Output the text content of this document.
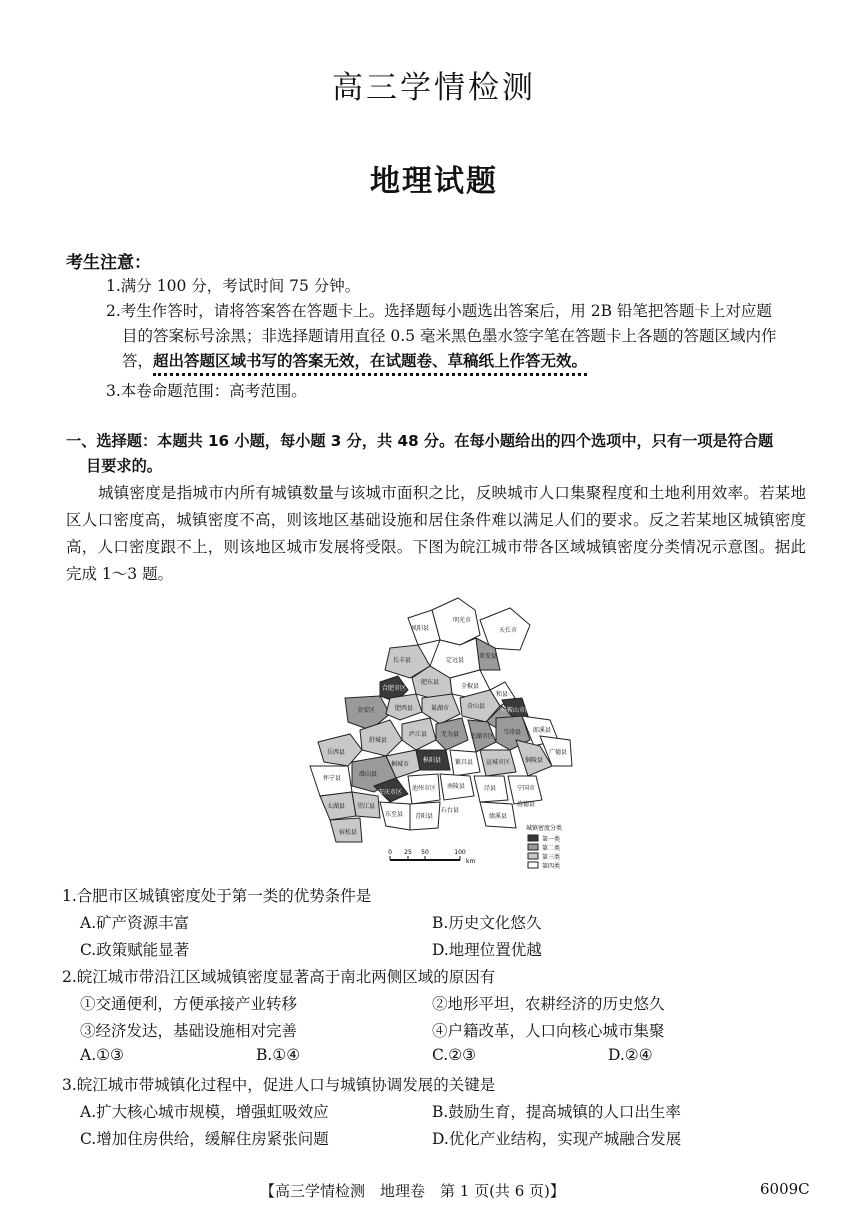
高三学情检测
地理试题
考生注意：
1.满分 100 分，考试时间 75 分钟。
2.考生作答时，请将答案答在答题卡上。选择题每小题选出答案后，用 2B 铅笔把答题卡上对应题
目的答案标号涂黑；非选择题请用直径 0.5 毫米黑色墨水签字笔在答题卡上各题的答题区域内作
答，超出答题区域书写的答案无效，在试题卷、草稿纸上作答无效。
3.本卷命题范围：高考范围。
一、选择题：本题共 16 小题，每小题 3 分，共 48 分。在每小题给出的四个选项中，只有一项是符合题
目要求的。
城镇密度是指城市内所有城镇数量与该城市面积之比，反映城市人口集聚程度和土地利用效率。若某地区人口密度高，城镇密度不高，则该地区基础设施和居住条件难以满足人们的要求。反之若某地区城镇密度高，人口密度跟不上，则该地区城市发展将受限。下图为皖江城市带各区域城镇密度分类情况示意图。据此完成 1～3 题。
凤阳县
明光市
天长市
定远县
来安县
长丰县
全椒县
合肥市区
肥东县
和县
马鞍山市区
金安区	肥西县	巢湖市	含山县
舒城县
庐江县 无为县 芜湖市区
当涂县 郎溪县
岳西县
桐城市
枞阳县 繁昌县 宣城市区
广德县
潜山县
怀宁县
安庆市区
铜陵县
南陵县	泾县	宁国市
太湖县
池州市区
青阳县	绩溪县
旌德县
望江县
东至县
石台县
宿松县
0 25 50	100
km
城镇密度分类
第一类
第二类
第三类
第四类
1.合肥市区城镇密度处于第一类的优势条件是
A.矿产资源丰富	B.历史文化悠久
C.政策赋能显著	D.地理位置优越
2.皖江城市带沿江区域城镇密度显著高于南北两侧区域的原因有
①交通便利，方便承接产业转移	②地形平坦，农耕经济的历史悠久
③经济发达，基础设施相对完善	④户籍改革，人口向核心城市集聚
A.①③	B.①④	C.②③	D.②④
3.皖江城市带城镇化过程中，促进人口与城镇协调发展的关键是
A.扩大核心城市规模，增强虹吸效应	B.鼓励生育，提高城镇的人口出生率
C.增加住房供给，缓解住房紧张问题	D.优化产业结构，实现产城融合发展
【高三学情检测　地理卷　第 1 页(共 6 页)】	6009C
